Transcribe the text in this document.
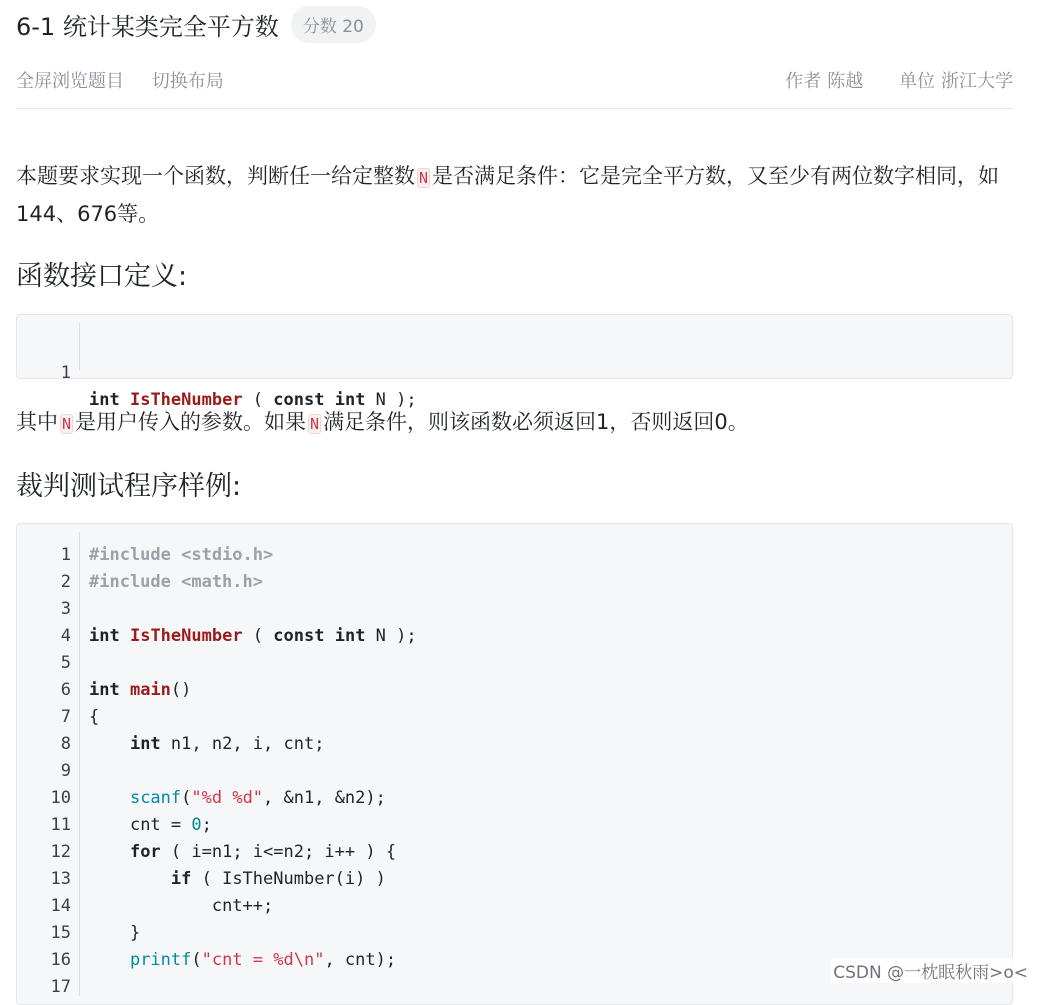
6-1 统计某类完全平方数	分数 20
全屏浏览题目 切换布局	作者 陈越 单位 浙江大学
本题要求实现一个函数，判断任一给定整数 N 是否满足条件：它是完全平方数，又至少有两位数字相同，如144、676等。
函数接口定义:

1

int IsTheNumber ( const int N );

其中 N 是用户传入的参数。如果 N 满足条件，则该函数必须返回1，否则返回0。
裁判测试程序样例:
1 #include <stdio.h>
2 #include <math.h>
3
4 int IsTheNumber ( const int N );
5
6 int main()
7 {
8	int n1, n2, i, cnt;
9
10	scanf("%d %d", &n1, &n2);
11	cnt = 0;
12	for ( i=n1; i<=n2; i++ ) {
13	if ( IsTheNumber(i) )
14	cnt++;
15	}
16	printf("cnt = %d\n", cnt);
17
CSDN @一枕眠秋雨>o<
